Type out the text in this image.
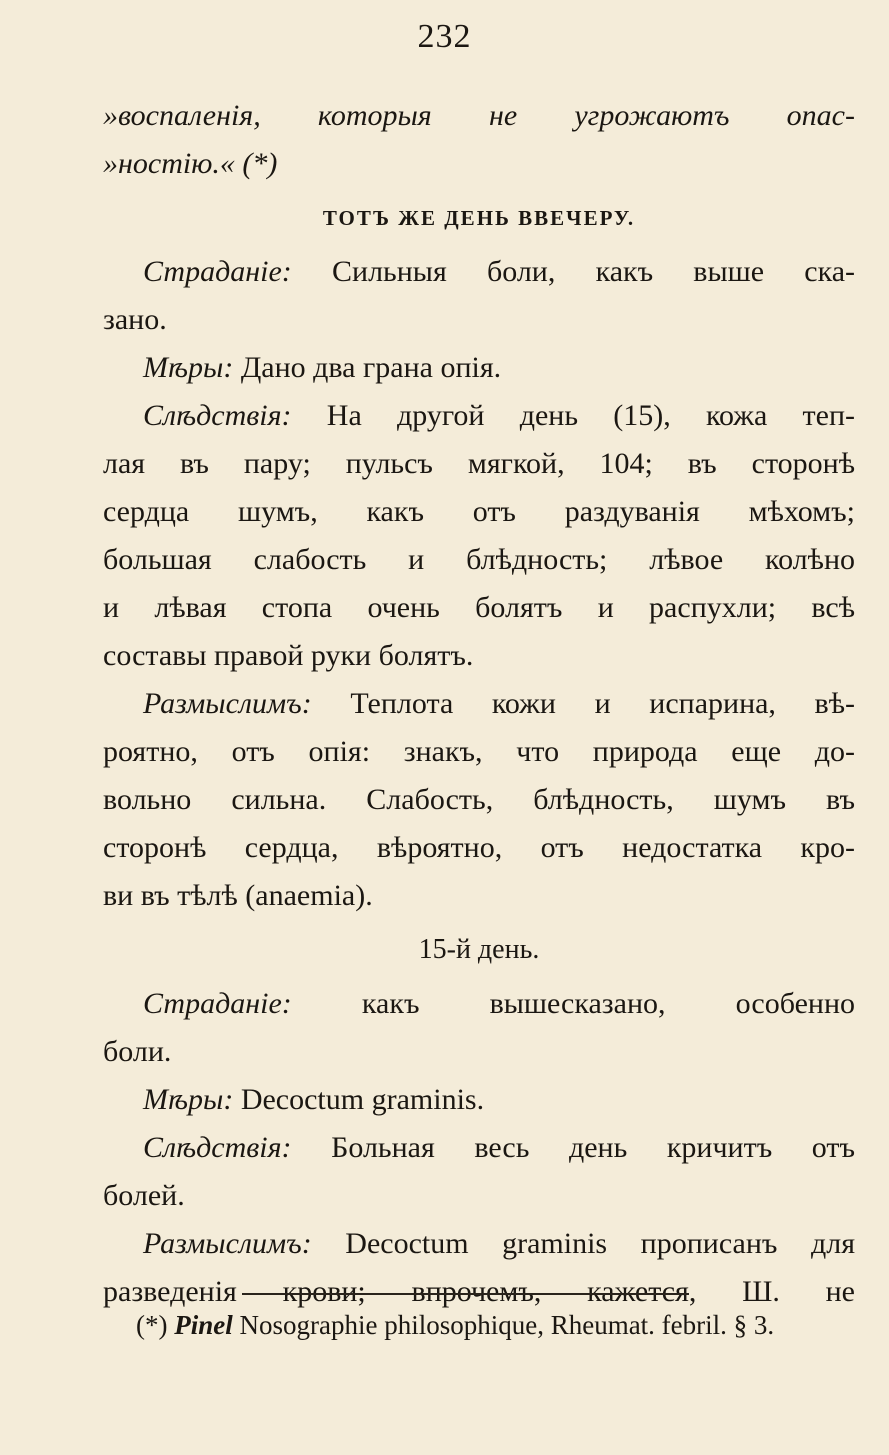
232
»воспаленiя, которыя не угрожаютъ опас-
»ностiю.« (*)
ТОТЪ ЖЕ ДЕНЬ ВВЕЧЕРУ.
Страданiе: Сильныя боли, какъ выше ска-
зано.
Мѣры: Дано два грана опiя.
Слѣдствiя: На другой день (15), кожа теп-
лая въ пару; пульсъ мягкой, 104; въ сторонѣ
сердца шумъ, какъ отъ раздуванiя мѣхомъ;
большая слабость и блѣдность; лѣвое колѣно
и лѣвая стопа очень болятъ и распухли; всѣ
составы правой руки болятъ.
Размыслимъ: Теплота кожи и испарина, вѣ-
роятно, отъ опiя: знакъ, что природа еще до-
вольно сильна. Слабость, блѣдность, шумъ въ
сторонѣ сердца, вѣроятно, отъ недостатка кро-
ви въ тѣлѣ (anaemia).
15-й день.
Страданiе: какъ вышесказано, особенно
боли.
Мѣры: Decoctum graminis.
Слѣдствiя: Больная весь день кричитъ отъ
болей.
Размыслимъ: Decoctum graminis прописанъ для
разведенiя крови; впрочемъ, кажется, Ш. не
(*) Pinel Nosographie philosophique, Rheumat. febril. § 3.
